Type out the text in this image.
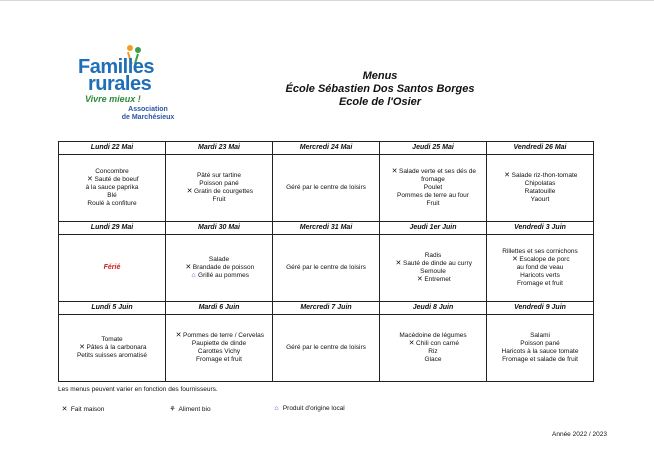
Familles
rurales
Vivre mieux !
Association
de Marchésieux
Menus
École Sébastien Dos Santos Borges
Ecole de l'Osier
Lundi 22 Mai	Mardi 23 Mai	Mercredi 24 Mai	Jeudi 25 Mai	Vendredi 26 Mai

Concombre
✕ Sauté de boeuf
à la sauce paprika
Blé
Roulé à confiture	Pâté sur tartine
Poisson pané
✕ Gratin de courgettes
Fruit	Géré par le centre de loisirs	✕ Salade verte et ses dés de
fromage
Poulet
Pommes de terre au four
Fruit	✕ Salade riz-thon-tomate
Chipolatas
Ratatouille
Yaourt

Lundi 29 Mai	Mardi 30 Mai	Mercredi 31 Mai	Jeudi 1er Juin	Vendredi 3 Juin
Férié	Salade
✕ Brandade de poisson
⌂ Grillé au pommes	Géré par le centre de loisirs	Radis
✕ Sauté de dinde au curry
Semoule
✕ Entremet	Rillettes et ses cornichons
✕ Escalope de porc
au fond de veau
Haricots verts
Fromage et fruit

Lundi 5 Juin	Mardi 6 Juin	Mercredi 7 Juin	Jeudi 8 Juin	Vendredi 9 Juin

Tomate
✕ Pâtes à la carbonara
Petits suisses aromatisé	✕ Pommes de terre / Cervelas
Paupiette de dinde
Carottes Vichy
Fromage et fruit	Géré par le centre de loisirs	Macédoine de légumes
✕ Chili con carné
Riz
Glace	Salami
Poisson pané
Haricots à la sauce tomate
Fromage et salade de fruit
Les menus peuvent varier en fonction des fournisseurs.
✕ Fait maison	⚘ Aliment bio	⌂ Produit d'origine local
Année 2022 / 2023
